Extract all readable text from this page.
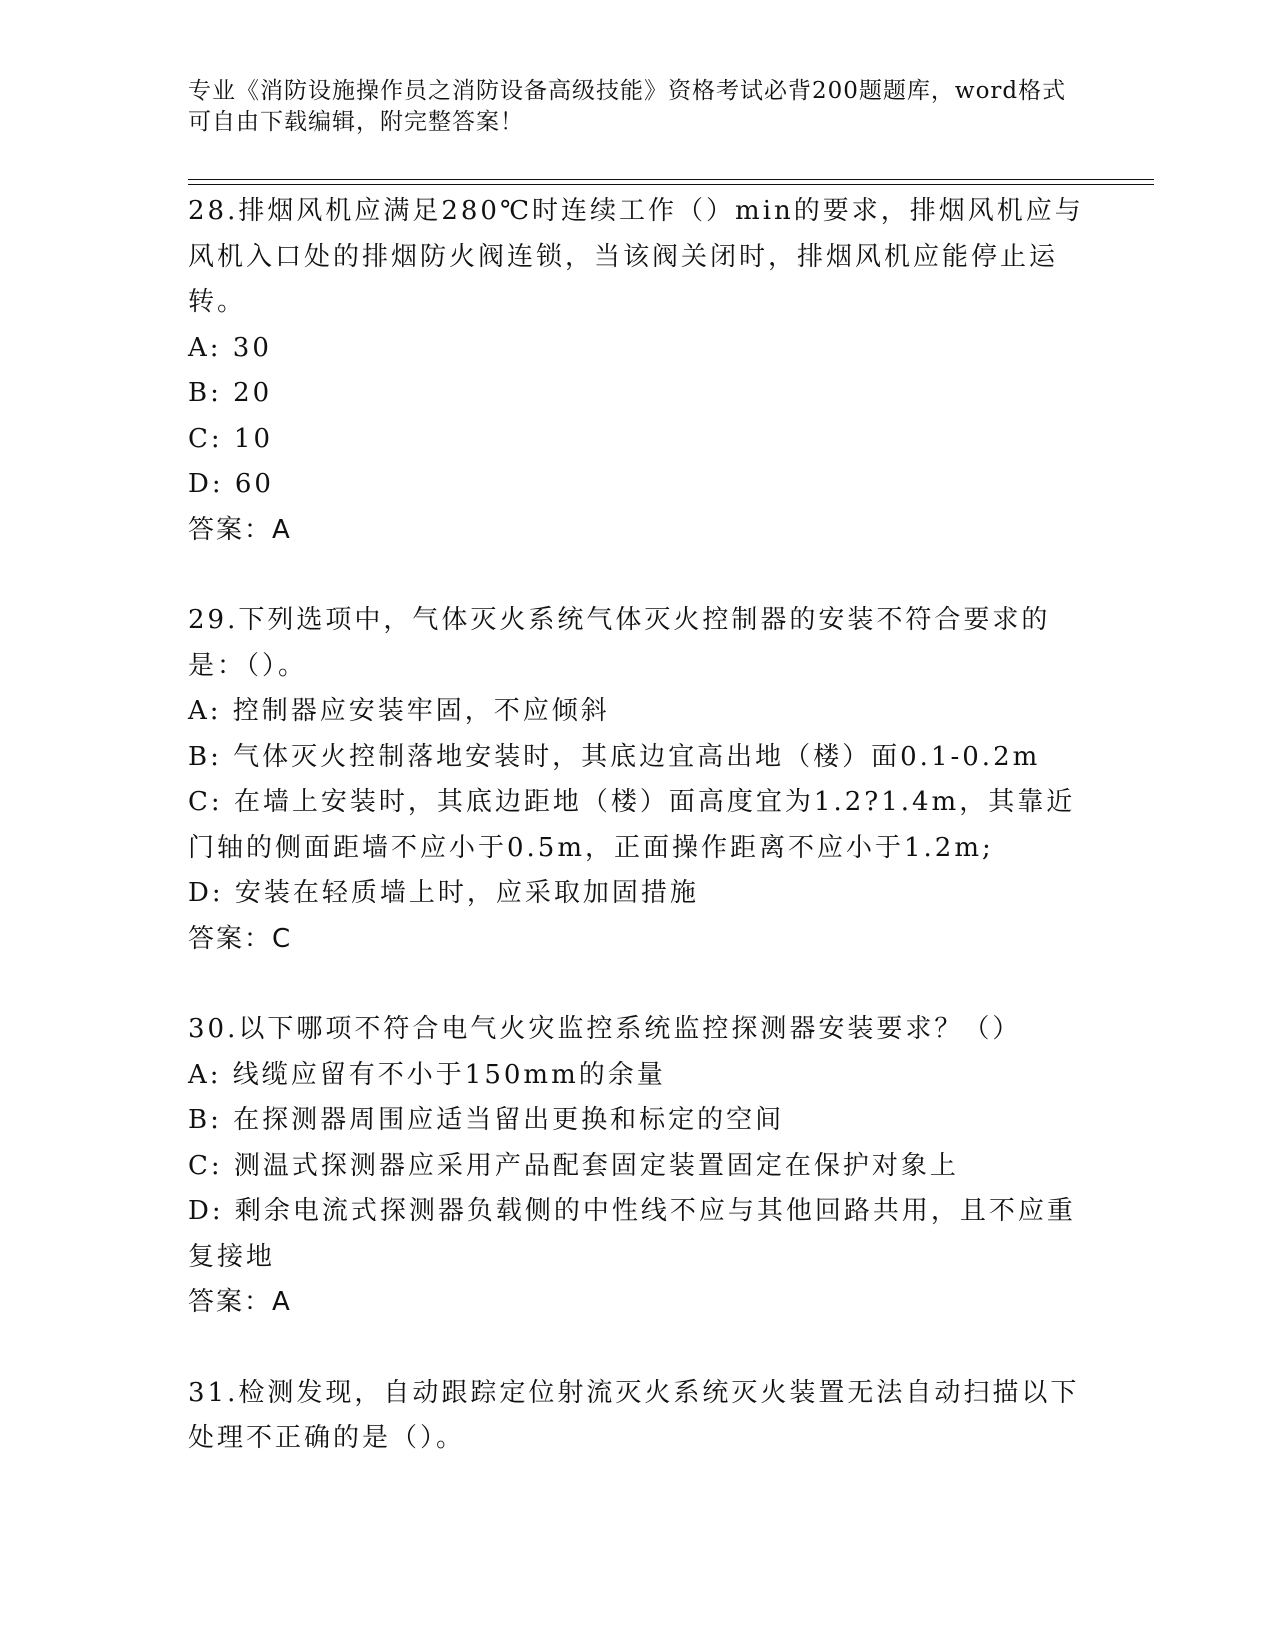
专业《消防设施操作员之消防设备高级技能》资格考试必背200题题库，word格式可自由下载编辑，附完整答案！

28.排烟风机应满足280℃时连续工作（）min的要求，排烟风机应与风机入口处的排烟防火阀连锁，当该阀关闭时，排烟风机应能停止运转。

A: 30

B: 20

C: 10

D: 60

答案：A

29.下列选项中，气体灭火系统气体灭火控制器的安装不符合要求的是：（）。

A: 控制器应安装牢固，不应倾斜

B: 气体灭火控制落地安装时，其底边宜高出地（楼）面0.1-0.2m

C: 在墙上安装时，其底边距地（楼）面高度宜为1.2?1.4m，其靠近门轴的侧面距墙不应小于0.5m，正面操作距离不应小于1.2m;

D: 安装在轻质墙上时，应采取加固措施

答案：C

30.以下哪项不符合电气火灾监控系统监控探测器安装要求？（）

A: 线缆应留有不小于150mm的余量

B: 在探测器周围应适当留出更换和标定的空间

C: 测温式探测器应采用产品配套固定装置固定在保护对象上

D: 剩余电流式探测器负载侧的中性线不应与其他回路共用，且不应重复接地

答案：A

31.检测发现，自动跟踪定位射流灭火系统灭火装置无法自动扫描以下处理不正确的是（）。
